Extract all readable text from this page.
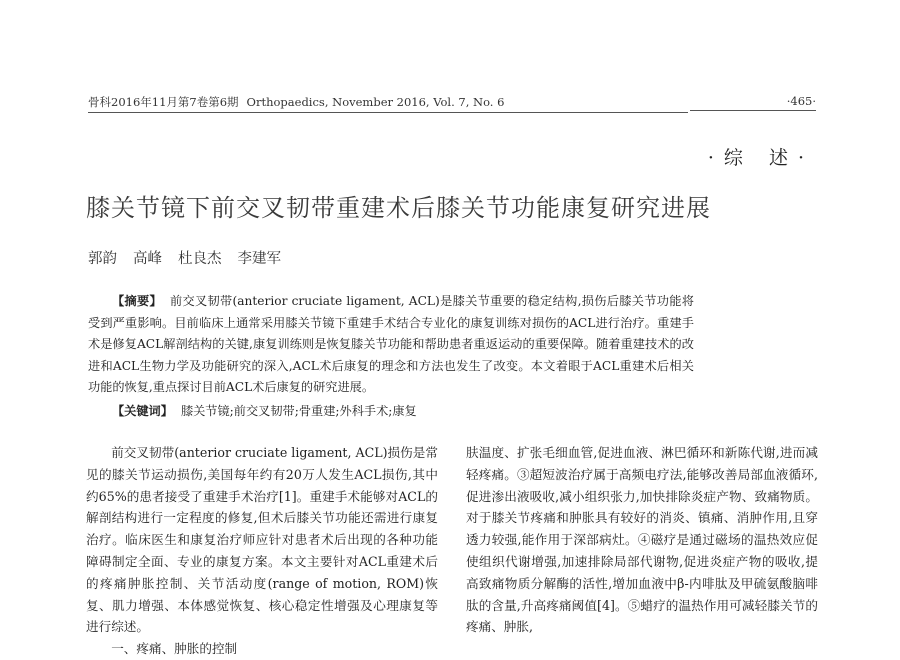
骨科2016年11月第7卷第6期 Orthopaedics, November 2016, Vol. 7, No. 6	·465·
·综 述·
膝关节镜下前交叉韧带重建术后膝关节功能康复研究进展
郭韵 高峰 杜良杰 李建军
【摘要】 前交叉韧带(anterior cruciate ligament, ACL)是膝关节重要的稳定结构,损伤后膝关节功能将受到严重影响。目前临床上通常采用膝关节镜下重建手术结合专业化的康复训练对损伤的ACL进行治疗。重建手术是修复ACL解剖结构的关键,康复训练则是恢复膝关节功能和帮助患者重返运动的重要保障。随着重建技术的改进和ACL生物力学及功能研究的深入,ACL术后康复的理念和方法也发生了改变。本文着眼于ACL重建术后相关功能的恢复,重点探讨目前ACL术后康复的研究进展。
【关键词】 膝关节镜;前交叉韧带;骨重建;外科手术;康复

前交叉韧带(anterior cruciate ligament, ACL)损伤是常见的膝关节运动损伤,美国每年约有20万人发生ACL损伤,其中约65%的患者接受了重建手术治疗[1]。重建手术能够对ACL的解剖结构进行一定程度的修复,但术后膝关节功能还需进行康复治疗。临床医生和康复治疗师应针对患者术后出现的各种功能障碍制定全面、专业的康复方案。本文主要针对ACL重建术后的疼痛肿胀控制、关节活动度(range of motion, ROM)恢复、肌力增强、本体感觉恢复、核心稳定性增强及心理康复等进行综述。

一、疼痛、肿胀的控制

肤温度、扩张毛细血管,促进血液、淋巴循环和新陈代谢,进而减轻疼痛。③超短波治疗属于高频电疗法,能够改善局部血液循环,促进渗出液吸收,减小组织张力,加快排除炎症产物、致痛物质。对于膝关节疼痛和肿胀具有较好的消炎、镇痛、消肿作用,且穿透力较强,能作用于深部病灶。④磁疗是通过磁场的温热效应促使组织代谢增强,加速排除局部代谢物,促进炎症产物的吸收,提高致痛物质分解酶的活性,增加血液中β-内啡肽及甲硫氨酸脑啡肽的含量,升高疼痛阈值[4]。⑤蜡疗的温热作用可减轻膝关节的疼痛、肿胀,
